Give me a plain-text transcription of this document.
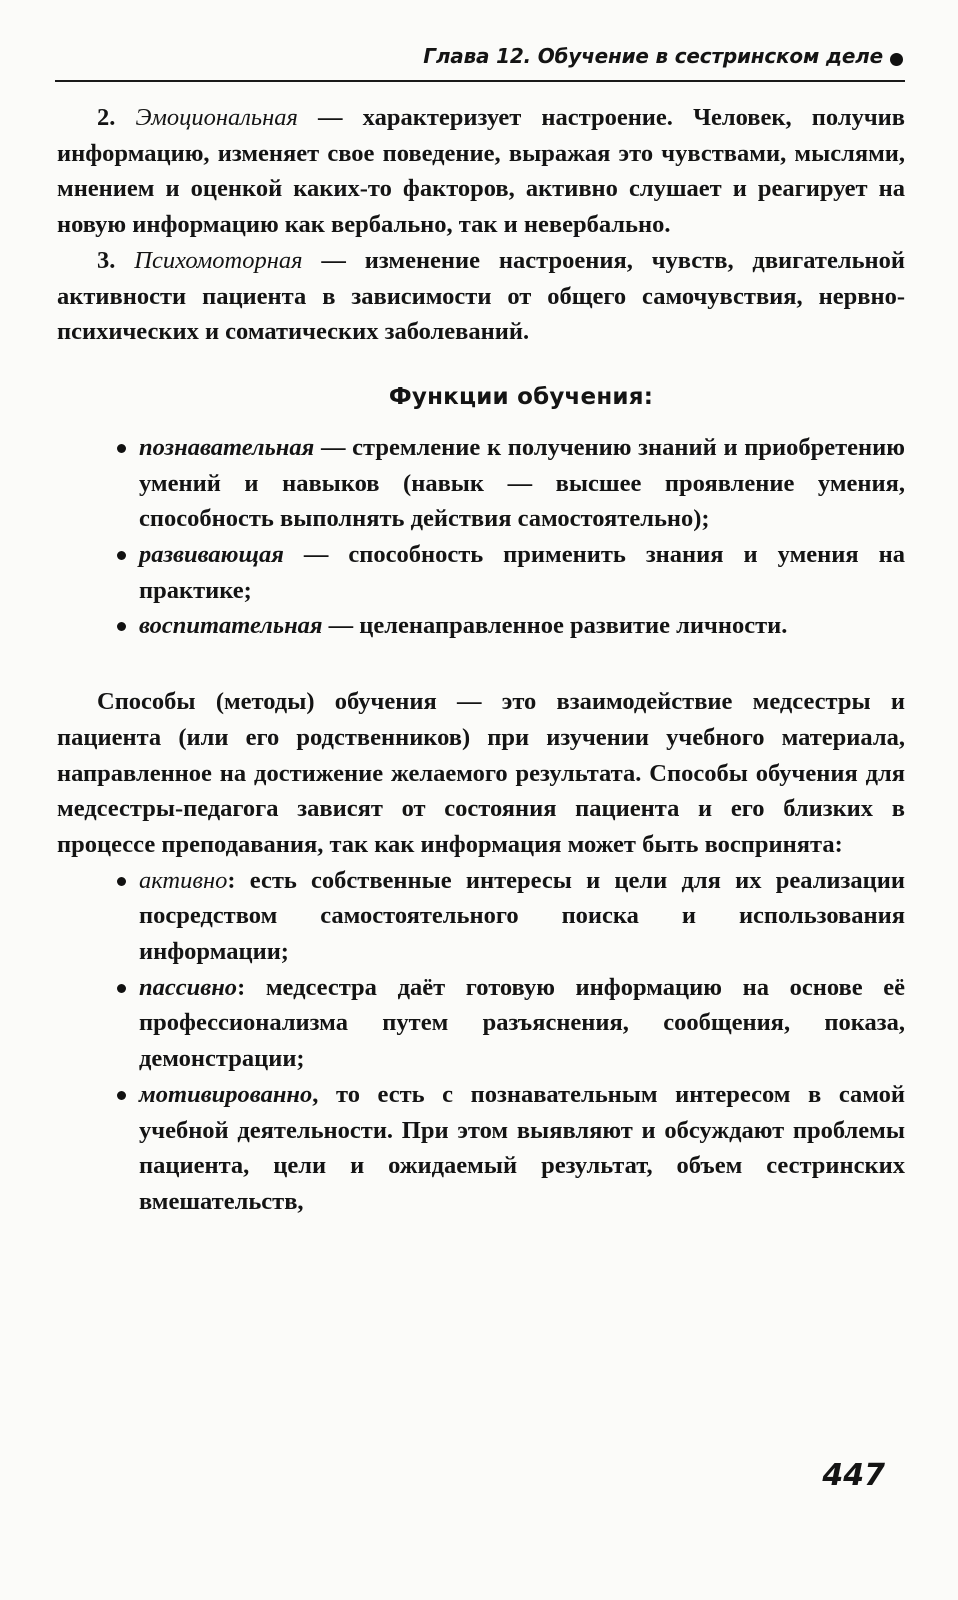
Глава 12. Обучение в сестринском деле

2. Эмоциональная — характеризует настроение. Человек, получив информацию, изменяет свое поведение, выражая это чувствами, мыслями, мнением и оценкой каких-то факторов, активно слушает и реагирует на новую информацию как вербально, так и невербально.

3. Психомоторная — изменение настроения, чувств, двигательной активности пациента в зависимости от общего самочувствия, нервно-психических и соматических заболеваний.

Функции обучения:
познавательная — стремление к получению знаний и приобретению умений и навыков (навык — высшее проявление умения, способность выполнять действия самостоятельно);
развивающая — способность применить знания и умения на практике;
воспитательная — целенаправленное развитие личности.

Способы (методы) обучения — это взаимодействие медсестры и пациента (или его родственников) при изучении учебного материала, направленное на достижение желаемого результата. Способы обучения для медсестры-педагога зависят от состояния пациента и его близких в процессе преподавания, так как информация может быть воспринята:

активно: есть собственные интересы и цели для их реализации посредством самостоятельного поиска и использования информации;
пассивно: медсестра даёт готовую информацию на основе её профессионализма путем разъяснения, сообщения, показа, демонстрации;
мотивированно, то есть с познавательным интересом в самой учебной деятельности. При этом выявляют и обсуждают проблемы пациента, цели и ожидаемый результат, объем сестринских вмешательств,
447
